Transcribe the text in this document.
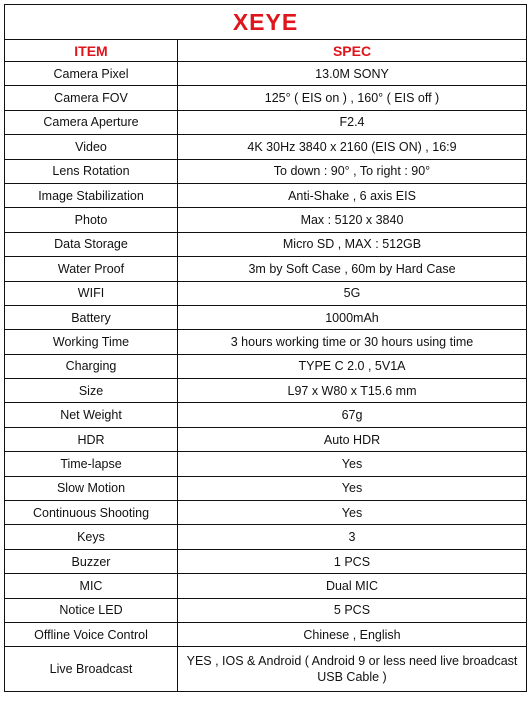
XEYE	
ITEM	SPEC
Camera Pixel	13.0M SONY
Camera FOV	125° ( EIS on ) , 160° ( EIS off )
Camera Aperture	F2.4
Video	4K 30Hz 3840 x 2160 (EIS ON) , 16:9
Lens Rotation	To down : 90° , To right : 90°
Image Stabilization	Anti-Shake , 6 axis EIS
Photo	Max : 5120 x 3840
Data Storage	Micro SD , MAX : 512GB
Water Proof	3m by Soft Case , 60m by Hard Case
WIFI	5G
Battery	1000mAh
Working Time	3 hours working time or 30 hours using time
Charging	TYPE C 2.0 , 5V1A
Size	L97 x W80 x T15.6 mm
Net Weight	67g
HDR	Auto HDR
Time-lapse	Yes
Slow Motion	Yes
Continuous Shooting	Yes
Keys	3
Buzzer	1 PCS
MIC	Dual MIC
Notice LED	5 PCS
Offline Voice Control	Chinese , English
Live Broadcast	YES , IOS & Android ( Android 9 or less need live broadcast USB Cable )
